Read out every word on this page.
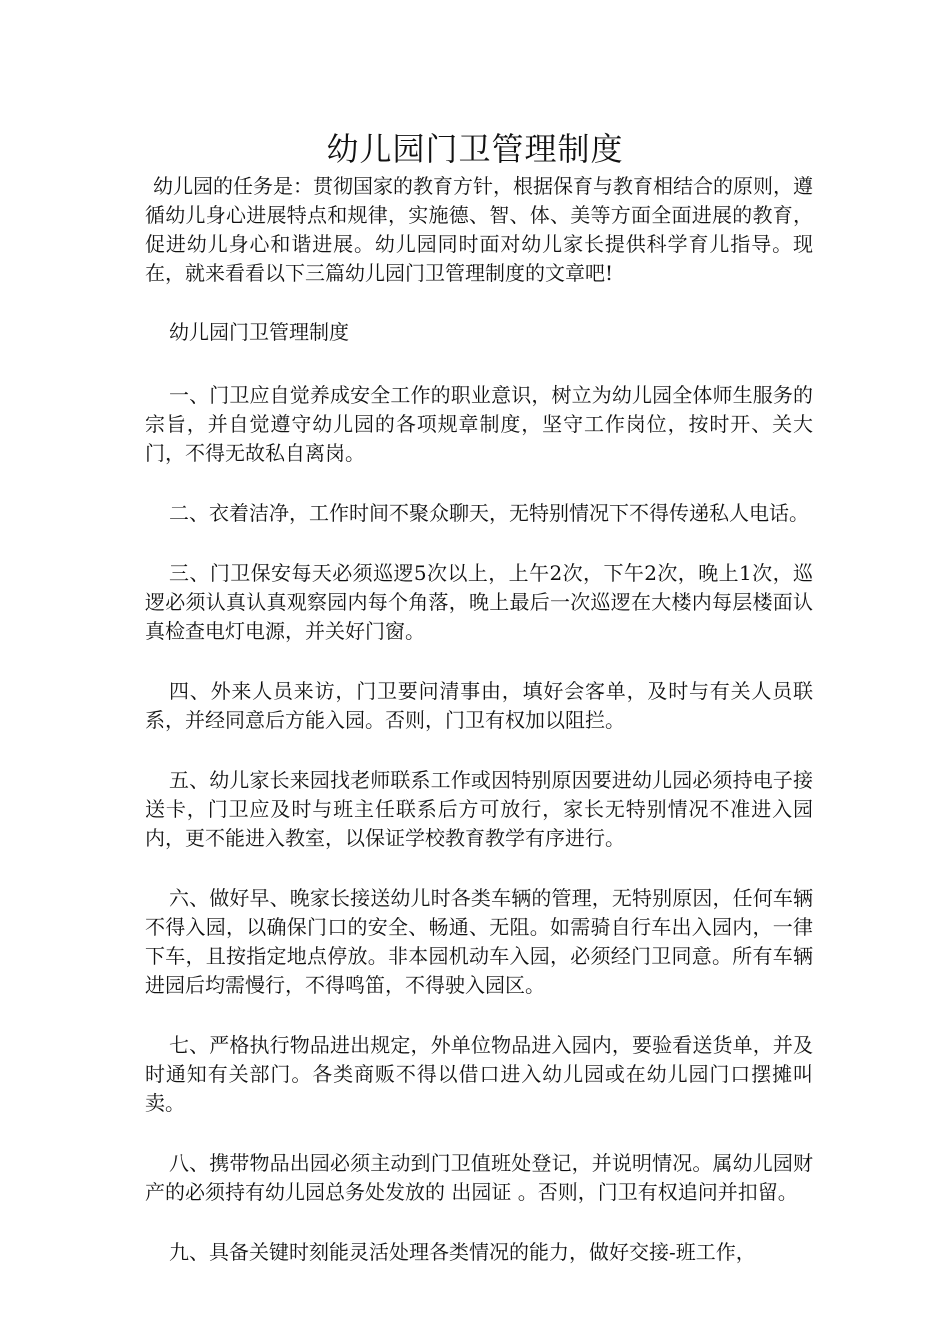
幼儿园门卫管理制度

幼儿园的任务是：贯彻国家的教育方针，根据保育与教育相结合的原则，遵循幼儿身心进展特点和规律，实施德、智、体、美等方面全面进展的教育，促进幼儿身心和谐进展。幼儿园同时面对幼儿家长提供科学育儿指导。现在，就来看看以下三篇幼儿园门卫管理制度的文章吧!

幼儿园门卫管理制度

一、门卫应自觉养成安全工作的职业意识，树立为幼儿园全体师生服务的宗旨，并自觉遵守幼儿园的各项规章制度，坚守工作岗位，按时开、关大门，不得无故私自离岗。

二、衣着洁净，工作时间不聚众聊天，无特别情况下不得传递私人电话。

三、门卫保安每天必须巡逻5次以上，上午2次，下午2次，晚上1次，巡逻必须认真认真观察园内每个角落，晚上最后一次巡逻在大楼内每层楼面认真检查电灯电源，并关好门窗。

四、外来人员来访，门卫要问清事由，填好会客单，及时与有关人员联系，并经同意后方能入园。否则，门卫有权加以阻拦。

五、幼儿家长来园找老师联系工作或因特别原因要进幼儿园必须持电子接送卡，门卫应及时与班主任联系后方可放行，家长无特别情况不准进入园内，更不能进入教室，以保证学校教育教学有序进行。

六、做好早、晚家长接送幼儿时各类车辆的管理，无特别原因，任何车辆不得入园，以确保门口的安全、畅通、无阻。如需骑自行车出入园内，一律下车，且按指定地点停放。非本园机动车入园，必须经门卫同意。所有车辆进园后均需慢行，不得鸣笛，不得驶入园区。

七、严格执行物品进出规定，外单位物品进入园内，要验看送货单，并及时通知有关部门。各类商贩不得以借口进入幼儿园或在幼儿园门口摆摊叫卖。

八、携带物品出园必须主动到门卫值班处登记，并说明情况。属幼儿园财产的必须持有幼儿园总务处发放的 出园证 。否则，门卫有权追问并扣留。

九、具备关键时刻能灵活处理各类情况的能力，做好交接-班工作，
